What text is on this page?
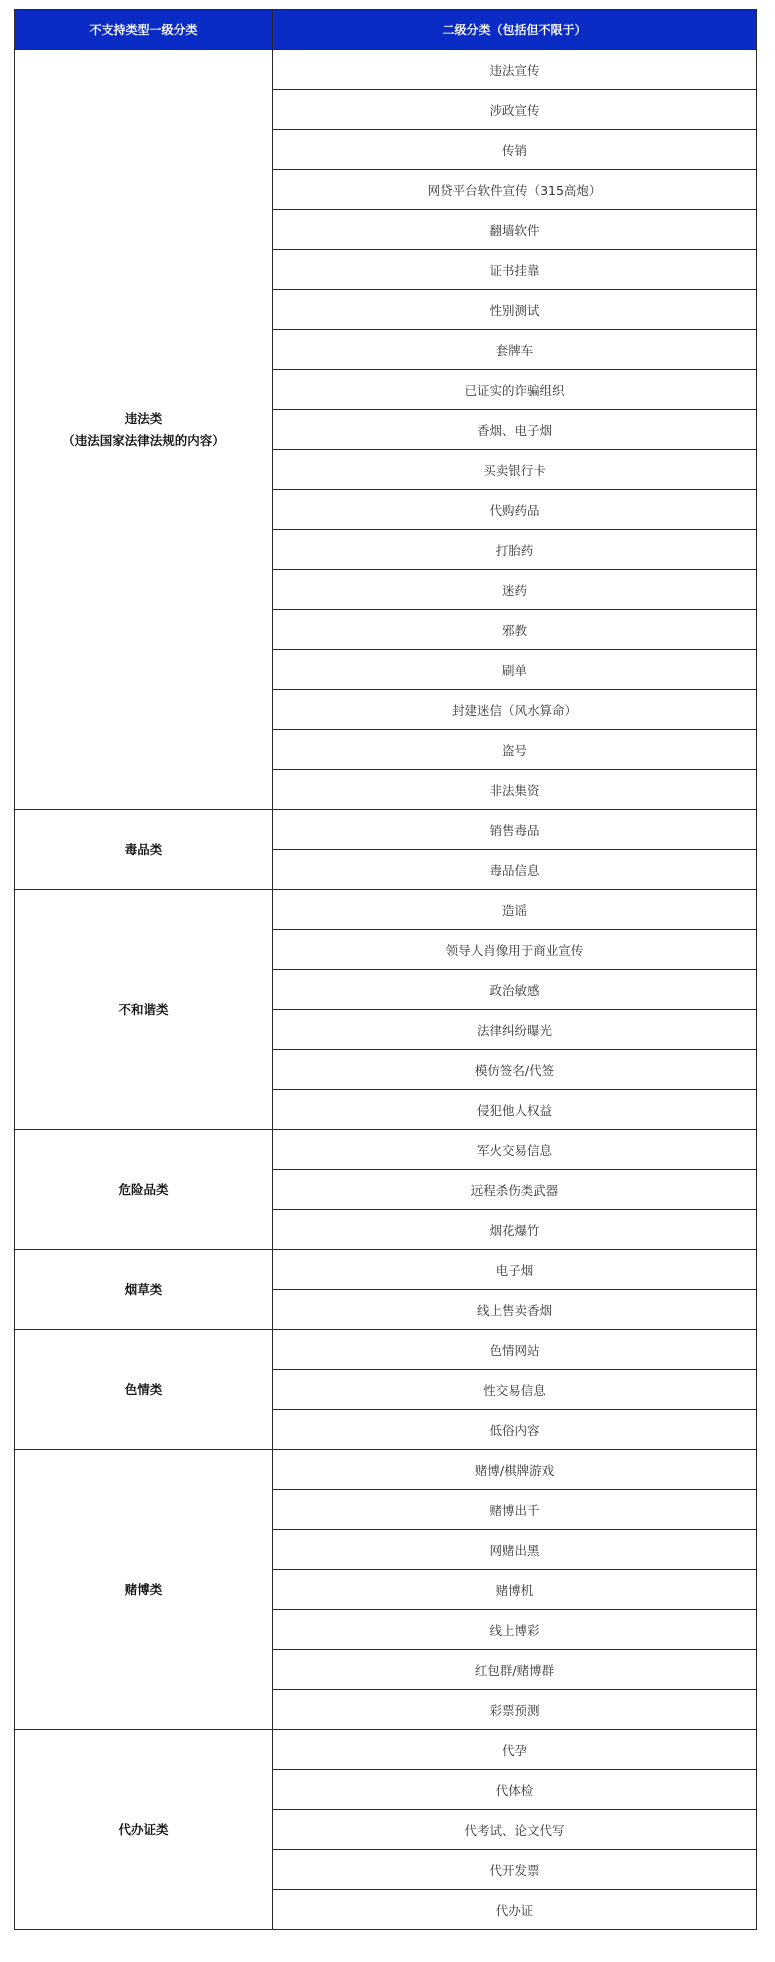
不支持类型一级分类	二级分类（包括但不限于）

违法类
（违法国家法律法规的内容）	违法宣传
	涉政宣传
	传销
	网贷平台软件宣传（315高炮）
	翻墙软件
	证书挂靠
	性别测试
	套牌车
	已证实的诈骗组织
	香烟、电子烟
	买卖银行卡
	代购药品
	打胎药
	迷药
	邪教
	刷单
	封建迷信（风水算命）
	盗号
	非法集资

毒品类	销售毒品
	毒品信息

不和谐类	造谣
	领导人肖像用于商业宣传
	政治敏感
	法律纠纷曝光
	模仿签名/代签
	侵犯他人权益

危险品类	军火交易信息
	远程杀伤类武器
	烟花爆竹

烟草类	电子烟
	线上售卖香烟

色情类	色情网站
	性交易信息
	低俗内容

赌博类	赌博/棋牌游戏
	赌博出千
	网赌出黑
	赌博机
	线上博彩
	红包群/赌博群
	彩票预测

代办证类	代孕
	代体检
	代考试、论文代写
	代开发票
	代办证
